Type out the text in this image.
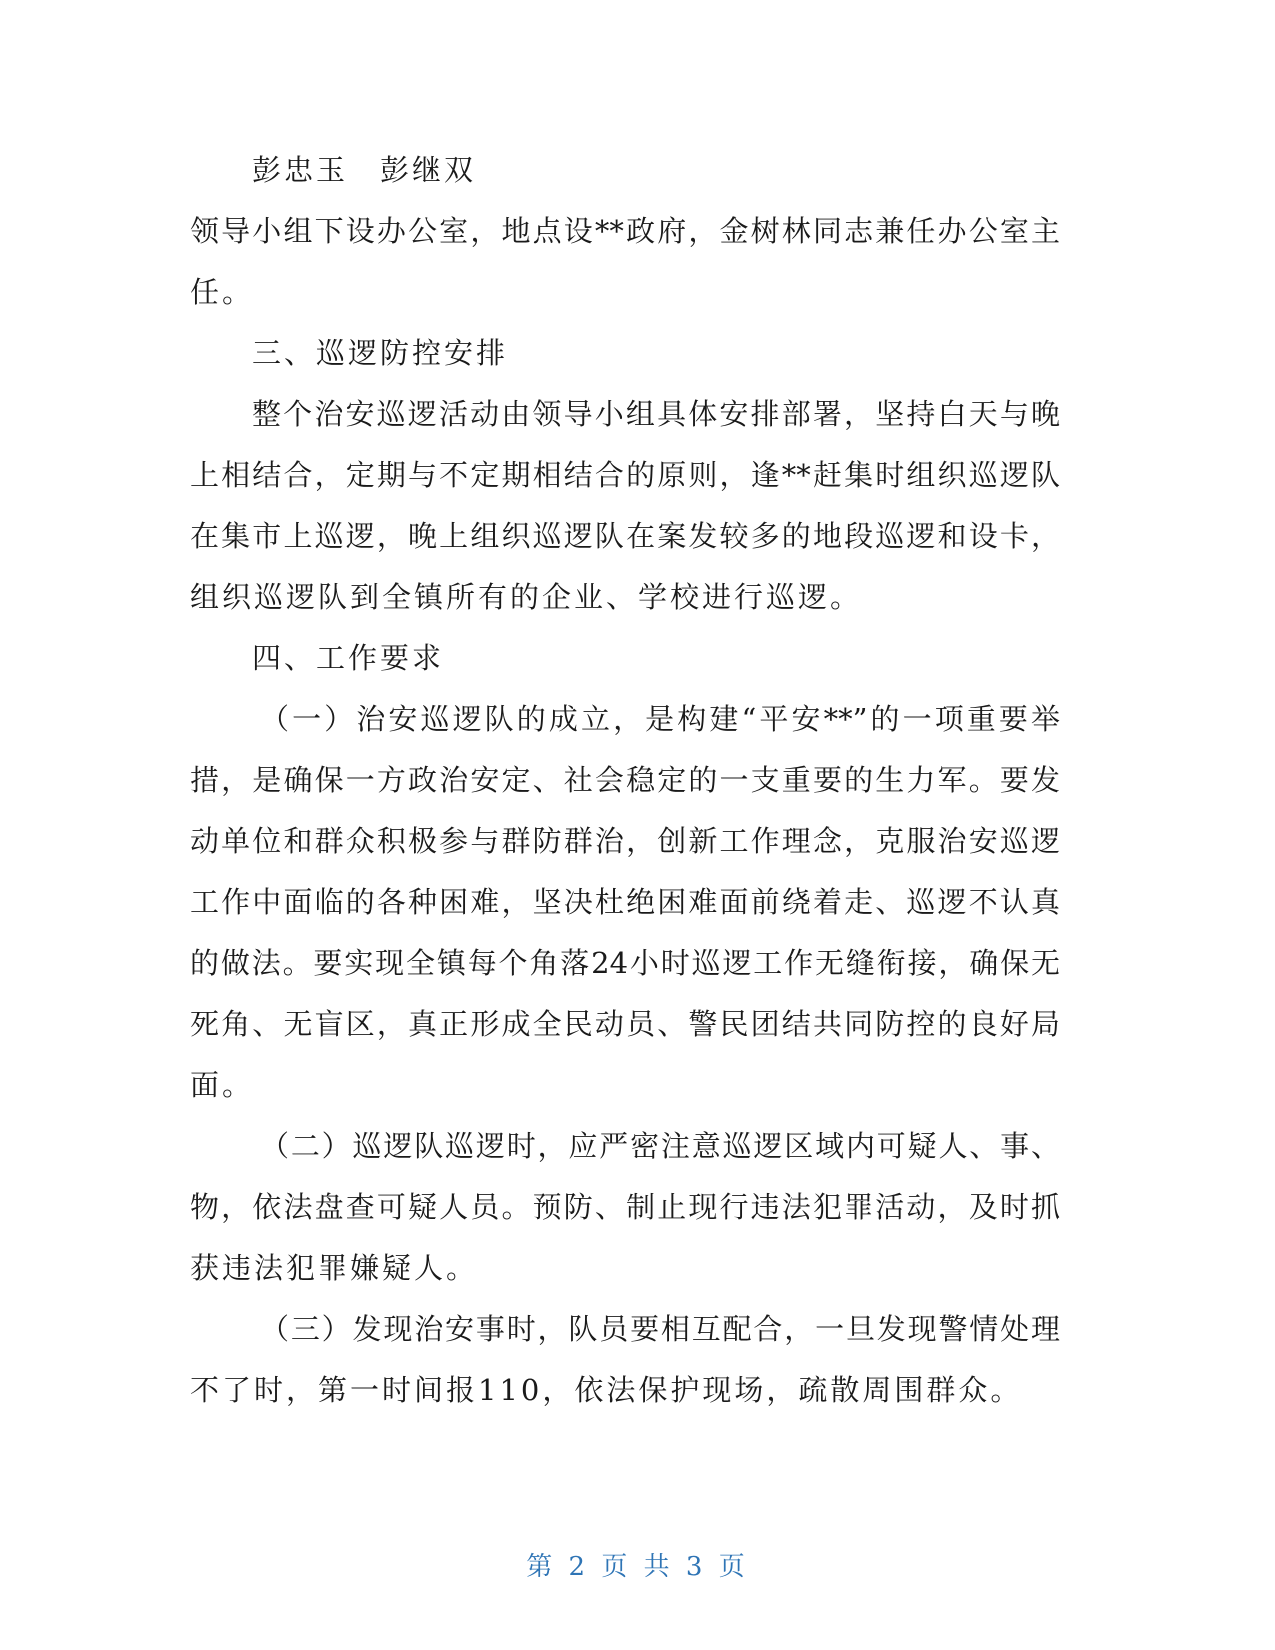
彭忠玉 彭继双
领导小组下设办公室，地点设**政府，金树林同志兼任办公室主
任。
三、巡逻防控安排
整个治安巡逻活动由领导小组具体安排部署，坚持白天与晚
上相结合，定期与不定期相结合的原则，逢**赶集时组织巡逻队
在集市上巡逻，晚上组织巡逻队在案发较多的地段巡逻和设卡，
组织巡逻队到全镇所有的企业、学校进行巡逻。
四、工作要求
（一）治安巡逻队的成立，是构建“平安**”的一项重要举
措，是确保一方政治安定、社会稳定的一支重要的生力军。要发
动单位和群众积极参与群防群治，创新工作理念，克服治安巡逻
工作中面临的各种困难，坚决杜绝困难面前绕着走、巡逻不认真
的做法。要实现全镇每个角落24小时巡逻工作无缝衔接，确保无
死角、无盲区，真正形成全民动员、警民团结共同防控的良好局
面。
（二）巡逻队巡逻时，应严密注意巡逻区域内可疑人、事、
物，依法盘查可疑人员。预防、制止现行违法犯罪活动，及时抓
获违法犯罪嫌疑人。
（三）发现治安事时，队员要相互配合，一旦发现警情处理
不了时，第一时间报110，依法保护现场，疏散周围群众。
第 2 页 共 3 页
